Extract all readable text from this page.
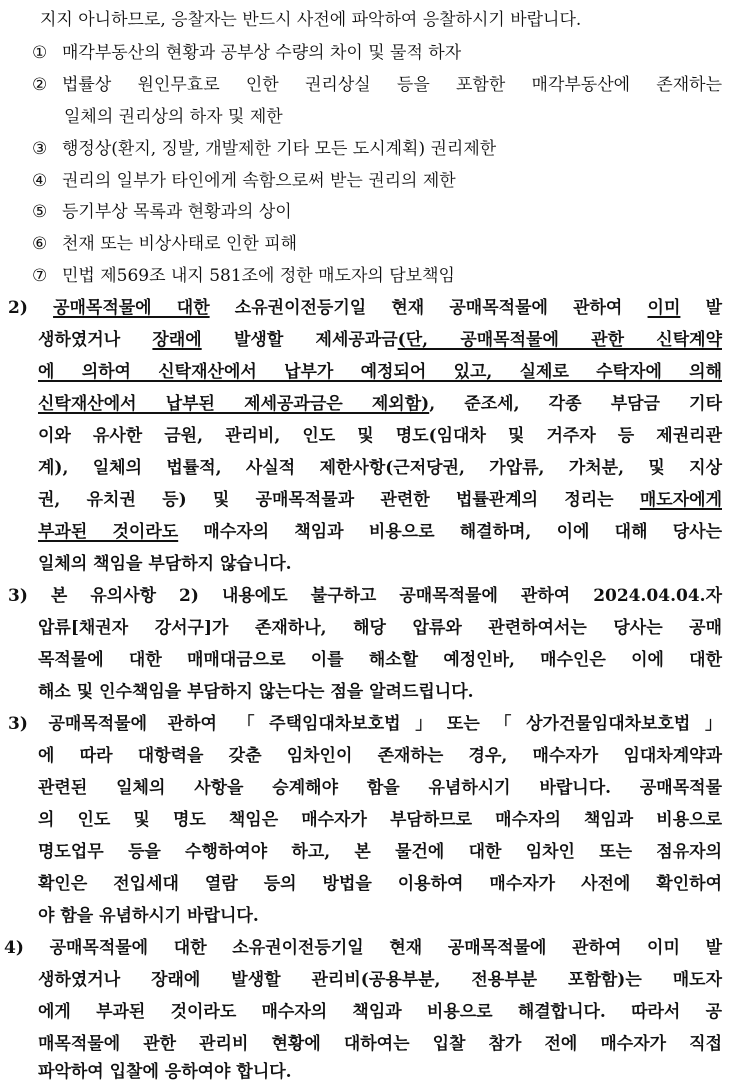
지지 아니하므로, 응찰자는 반드시 사전에 파악하여 응찰하시기 바랍니다.
① 매각부동산의 현황과 공부상 수량의 차이 및 물적 하자
② 법률상 원인무효로 인한 권리상실 등을 포함한 매각부동산에 존재하는
일체의 권리상의 하자 및 제한
③ 행정상(환지, 징발, 개발제한 기타 모든 도시계획) 권리제한
④ 권리의 일부가 타인에게 속함으로써 받는 권리의 제한
⑤ 등기부상 목록과 현황과의 상이
⑥ 천재 또는 비상사태로 인한 피해
⑦ 민법 제569조 내지 581조에 정한 매도자의 담보책임
2) 공매목적물에 대한 소유권이전등기일 현재 공매목적물에 관하여 이미 발
생하였거나 장래에 발생할 제세공과금(단, 공매목적물에 관한 신탁계약
에 의하여 신탁재산에서 납부가 예정되어 있고, 실제로 수탁자에 의해
신탁재산에서 납부된 제세공과금은 제외함), 준조세, 각종 부담금 기타
이와 유사한 금원, 관리비, 인도 및 명도(임대차 및 거주자 등 제권리관
계), 일체의 법률적, 사실적 제한사항(근저당권, 가압류, 가처분, 및 지상
권, 유치권 등) 및 공매목적물과 관련한 법률관계의 정리는 매도자에게
부과된 것이라도 매수자의 책임과 비용으로 해결하며, 이에 대해 당사는
일체의 책임을 부담하지 않습니다.
3) 본 유의사항 2) 내용에도 불구하고 공매목적물에 관하여 2024.04.04.자
압류[채권자 강서구]가 존재하나, 해당 압류와 관련하여서는 당사는 공매
목적물에 대한 매매대금으로 이를 해소할 예정인바, 매수인은 이에 대한
해소 및 인수책임을 부담하지 않는다는 점을 알려드립니다.
3) 공매목적물에 관하여 「주택임대차보호법」또는「상가건물임대차보호법」
에 따라 대항력을 갖춘 임차인이 존재하는 경우, 매수자가 임대차계약과
관련된 일체의 사항을 승계해야 함을 유념하시기 바랍니다. 공매목적물
의 인도 및 명도 책임은 매수자가 부담하므로 매수자의 책임과 비용으로
명도업무 등을 수행하여야 하고, 본 물건에 대한 임차인 또는 점유자의
확인은 전입세대 열람 등의 방법을 이용하여 매수자가 사전에 확인하여
야 함을 유념하시기 바랍니다.
4) 공매목적물에 대한 소유권이전등기일 현재 공매목적물에 관하여 이미 발
생하였거나 장래에 발생할 관리비(공용부분, 전용부분 포함함)는 매도자
에게 부과된 것이라도 매수자의 책임과 비용으로 해결합니다. 따라서 공
매목적물에 관한 관리비 현황에 대하여는 입찰 참가 전에 매수자가 직접
파악하여 입찰에 응하여야 합니다.
